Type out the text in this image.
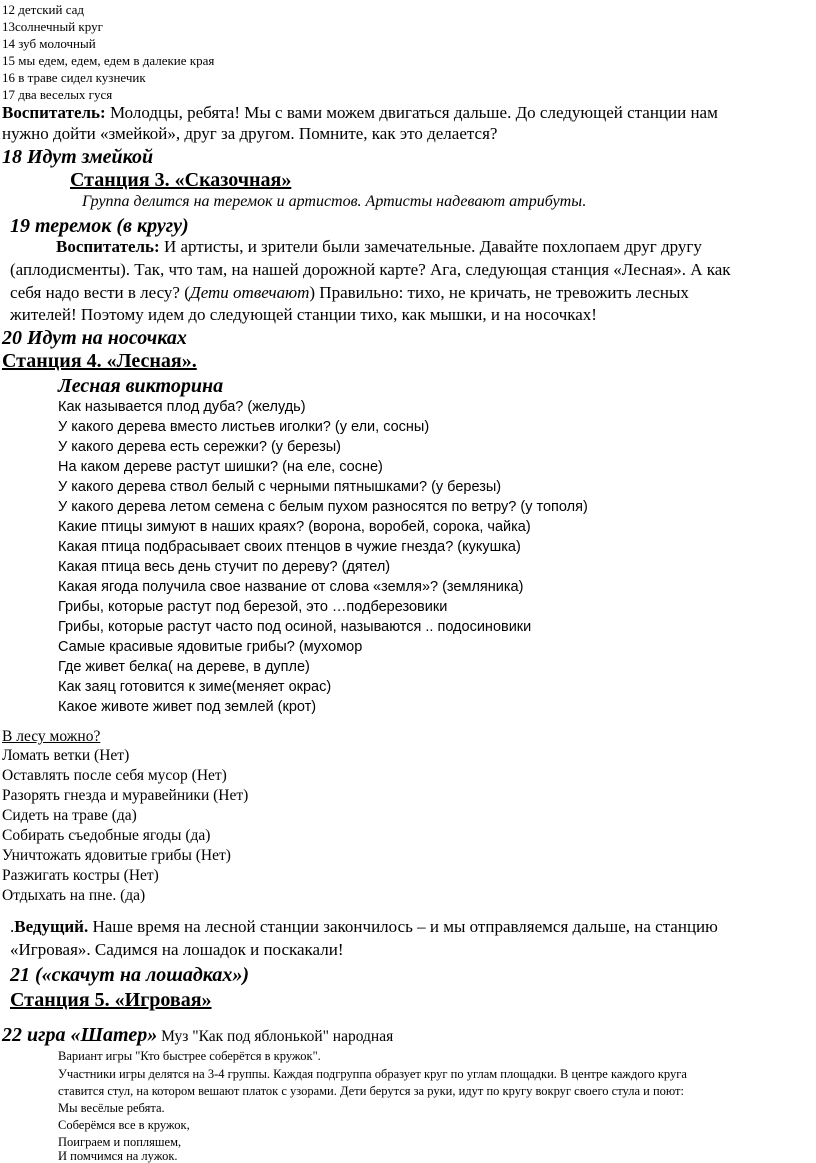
12 детский сад
13солнечный круг
14 зуб молочный
15 мы едем, едем, едем в далекие края
16 в траве сидел кузнечик
17 два веселых гуся
Воспитатель: Молодцы, ребята! Мы с вами можем двигаться дальше. До следующей станции нам
нужно дойти «змейкой», друг за другом. Помните, как это делается?
18 Идут змейкой
Станция 3. «Сказочная»
Группа делится на теремок и артистов. Артисты надевают атрибуты.
19 теремок (в кругу)
Воспитатель: И артисты, и зрители были замечательные. Давайте похлопаем друг другу
(аплодисменты). Так, что там, на нашей дорожной карте? Ага, следующая станция «Лесная». А как
себя надо вести в лесу? (Дети отвечают) Правильно: тихо, не кричать, не тревожить лесных
жителей! Поэтому идем до следующей станции тихо, как мышки, и на носочках!
20 Идут на носочках
Станция 4. «Лесная».
Лесная викторина
Как называется плод дуба? (желудь)
У какого дерева вместо листьев иголки? (у ели, сосны)
У какого дерева есть сережки? (у березы)
На каком дереве растут шишки? (на еле, сосне)
У какого дерева ствол белый с черными пятнышками? (у березы)
У какого дерева летом семена с белым пухом разносятся по ветру? (у тополя)
Какие птицы зимуют в наших краях? (ворона, воробей, сорока, чайка)
Какая птица подбрасывает своих птенцов в чужие гнезда? (кукушка)
Какая птица весь день стучит по дереву? (дятел)
Какая ягода получила свое название от слова «земля»? (земляника)
Грибы, которые растут под березой, это …подберезовики
Грибы, которые растут часто под осиной, называются .. подосиновики
Самые красивые ядовитые грибы? (мухомор
Где живет белка( на дереве, в дупле)
Как заяц готовится к зиме(меняет окрас)
Какое животе живет под землей (крот)
В лесу можно?
Ломать ветки (Нет)
Оставлять после себя мусор (Нет)
Разорять гнезда и муравейники (Нет)
Сидеть на траве (да)
Собирать съедобные ягоды (да)
Уничтожать ядовитые грибы (Нет)
Разжигать костры (Нет)
Отдыхать на пне. (да)
.Ведущий. Наше время на лесной станции закончилось – и мы отправляемся дальше, на станцию
«Игровая». Садимся на лошадок и поскакали!
21 («скачут на лошадках»)
Станция 5. «Игровая»
22 игра «Шатер» Муз "Как под яблонькой" народная
Вариант игры "Кто быстрее соберётся в кружок".
Участники игры делятся на 3-4 группы. Каждая подгруппа образует круг по углам площадки. В центре каждого круга
ставится стул, на котором вешают платок с узорами. Дети берутся за руки, идут по кругу вокруг своего стула и поют:
Мы весёлые ребята.
Соберёмся все в кружок,
Поиграем и попляшем,
И помчимся на лужок.
